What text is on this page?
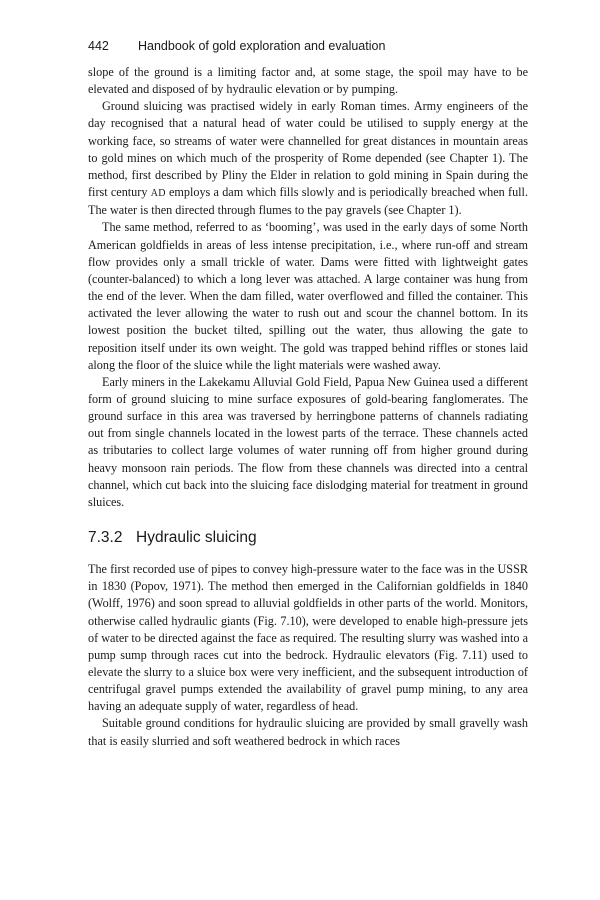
442 Handbook of gold exploration and evaluation

slope of the ground is a limiting factor and, at some stage, the spoil may have to be elevated and disposed of by hydraulic elevation or by pumping.

Ground sluicing was practised widely in early Roman times. Army engineers of the day recognised that a natural head of water could be utilised to supply energy at the working face, so streams of water were channelled for great distances in mountain areas to gold mines on which much of the prosperity of Rome depended (see Chapter 1). The method, first described by Pliny the Elder in relation to gold mining in Spain during the first century AD employs a dam which fills slowly and is periodically breached when full. The water is then directed through flumes to the pay gravels (see Chapter 1).

The same method, referred to as ‘booming’, was used in the early days of some North American goldfields in areas of less intense precipitation, i.e., where run-off and stream flow provides only a small trickle of water. Dams were fitted with lightweight gates (counter-balanced) to which a long lever was attached. A large container was hung from the end of the lever. When the dam filled, water overflowed and filled the container. This activated the lever allowing the water to rush out and scour the channel bottom. In its lowest position the bucket tilted, spilling out the water, thus allowing the gate to reposition itself under its own weight. The gold was trapped behind riffles or stones laid along the floor of the sluice while the light materials were washed away.

Early miners in the Lakekamu Alluvial Gold Field, Papua New Guinea used a different form of ground sluicing to mine surface exposures of gold-bearing fanglomerates. The ground surface in this area was traversed by herringbone patterns of channels radiating out from single channels located in the lowest parts of the terrace. These channels acted as tributaries to collect large volumes of water running off from higher ground during heavy monsoon rain periods. The flow from these channels was directed into a central channel, which cut back into the sluicing face dislodging material for treatment in ground sluices.

7.3.2 Hydraulic sluicing

The first recorded use of pipes to convey high-pressure water to the face was in the USSR in 1830 (Popov, 1971). The method then emerged in the Californian goldfields in 1840 (Wolff, 1976) and soon spread to alluvial goldfields in other parts of the world. Monitors, otherwise called hydraulic giants (Fig. 7.10), were developed to enable high-pressure jets of water to be directed against the face as required. The resulting slurry was washed into a pump sump through races cut into the bedrock. Hydraulic elevators (Fig. 7.11) used to elevate the slurry to a sluice box were very inefficient, and the subsequent introduction of centrifugal gravel pumps extended the availability of gravel pump mining, to any area having an adequate supply of water, regardless of head.

Suitable ground conditions for hydraulic sluicing are provided by small gravelly wash that is easily slurried and soft weathered bedrock in which races
